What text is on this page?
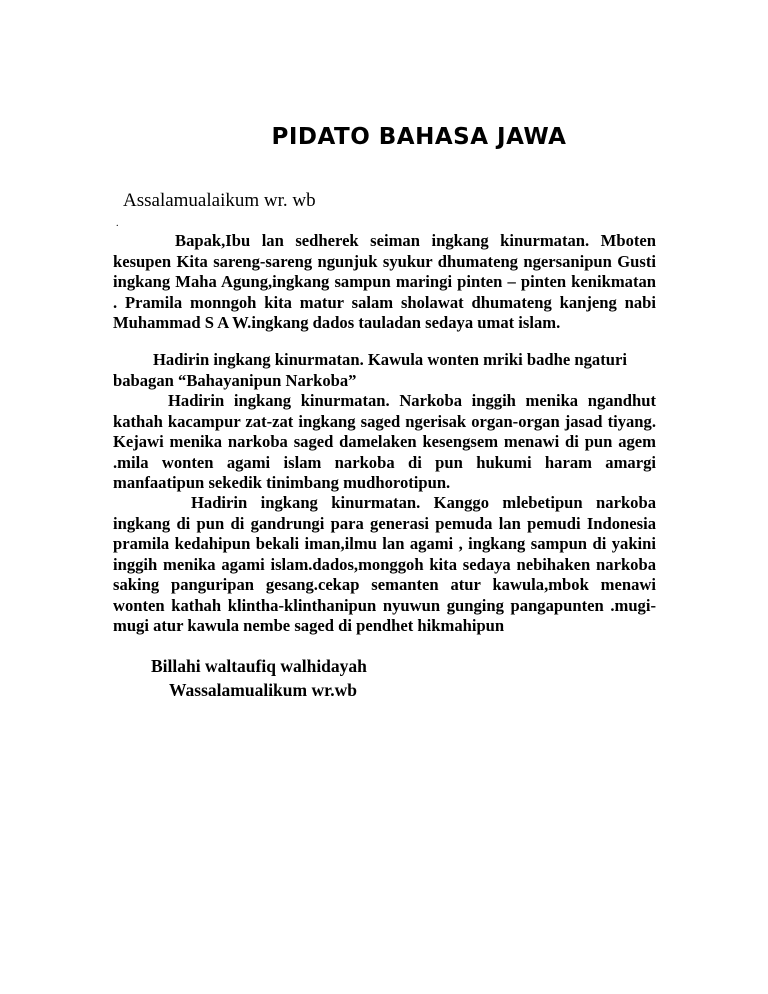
PIDATO BAHASA JAWA
Assalamualaikum wr. wb
.
Bapak,Ibu lan sedherek seiman ingkang kinurmatan. Mboten kesupen Kita sareng-sareng ngunjuk syukur dhumateng ngersanipun Gusti ingkang Maha Agung,ingkang sampun maringi pinten – pinten kenikmatan . Pramila monngoh kita matur salam sholawat dhumateng kanjeng nabi Muhammad S A W.ingkang dados tauladan sedaya umat islam.
Hadirin ingkang kinurmatan. Kawula wonten mriki badhe ngaturi babagan “Bahayanipun Narkoba”
Hadirin ingkang kinurmatan. Narkoba inggih menika ngandhut kathah kacampur zat-zat ingkang saged ngerisak organ-organ jasad tiyang. Kejawi menika narkoba saged damelaken kesengsem menawi di pun agem .mila wonten agami islam narkoba di pun hukumi haram amargi manfaatipun sekedik tinimbang mudhorotipun.
Hadirin ingkang kinurmatan. Kanggo mlebetipun narkoba ingkang di pun di gandrungi para generasi pemuda lan pemudi Indonesia pramila kedahipun bekali iman,ilmu lan agami , ingkang sampun di yakini inggih menika agami islam.dados,monggoh kita sedaya nebihaken narkoba saking panguripan gesang.cekap semanten atur kawula,mbok menawi wonten kathah klintha-klinthanipun nyuwun gunging pangapunten .mugi-mugi atur kawula nembe saged di pendhet hikmahipun
Billahi waltaufiq walhidayah
Wassalamualikum wr.wb
